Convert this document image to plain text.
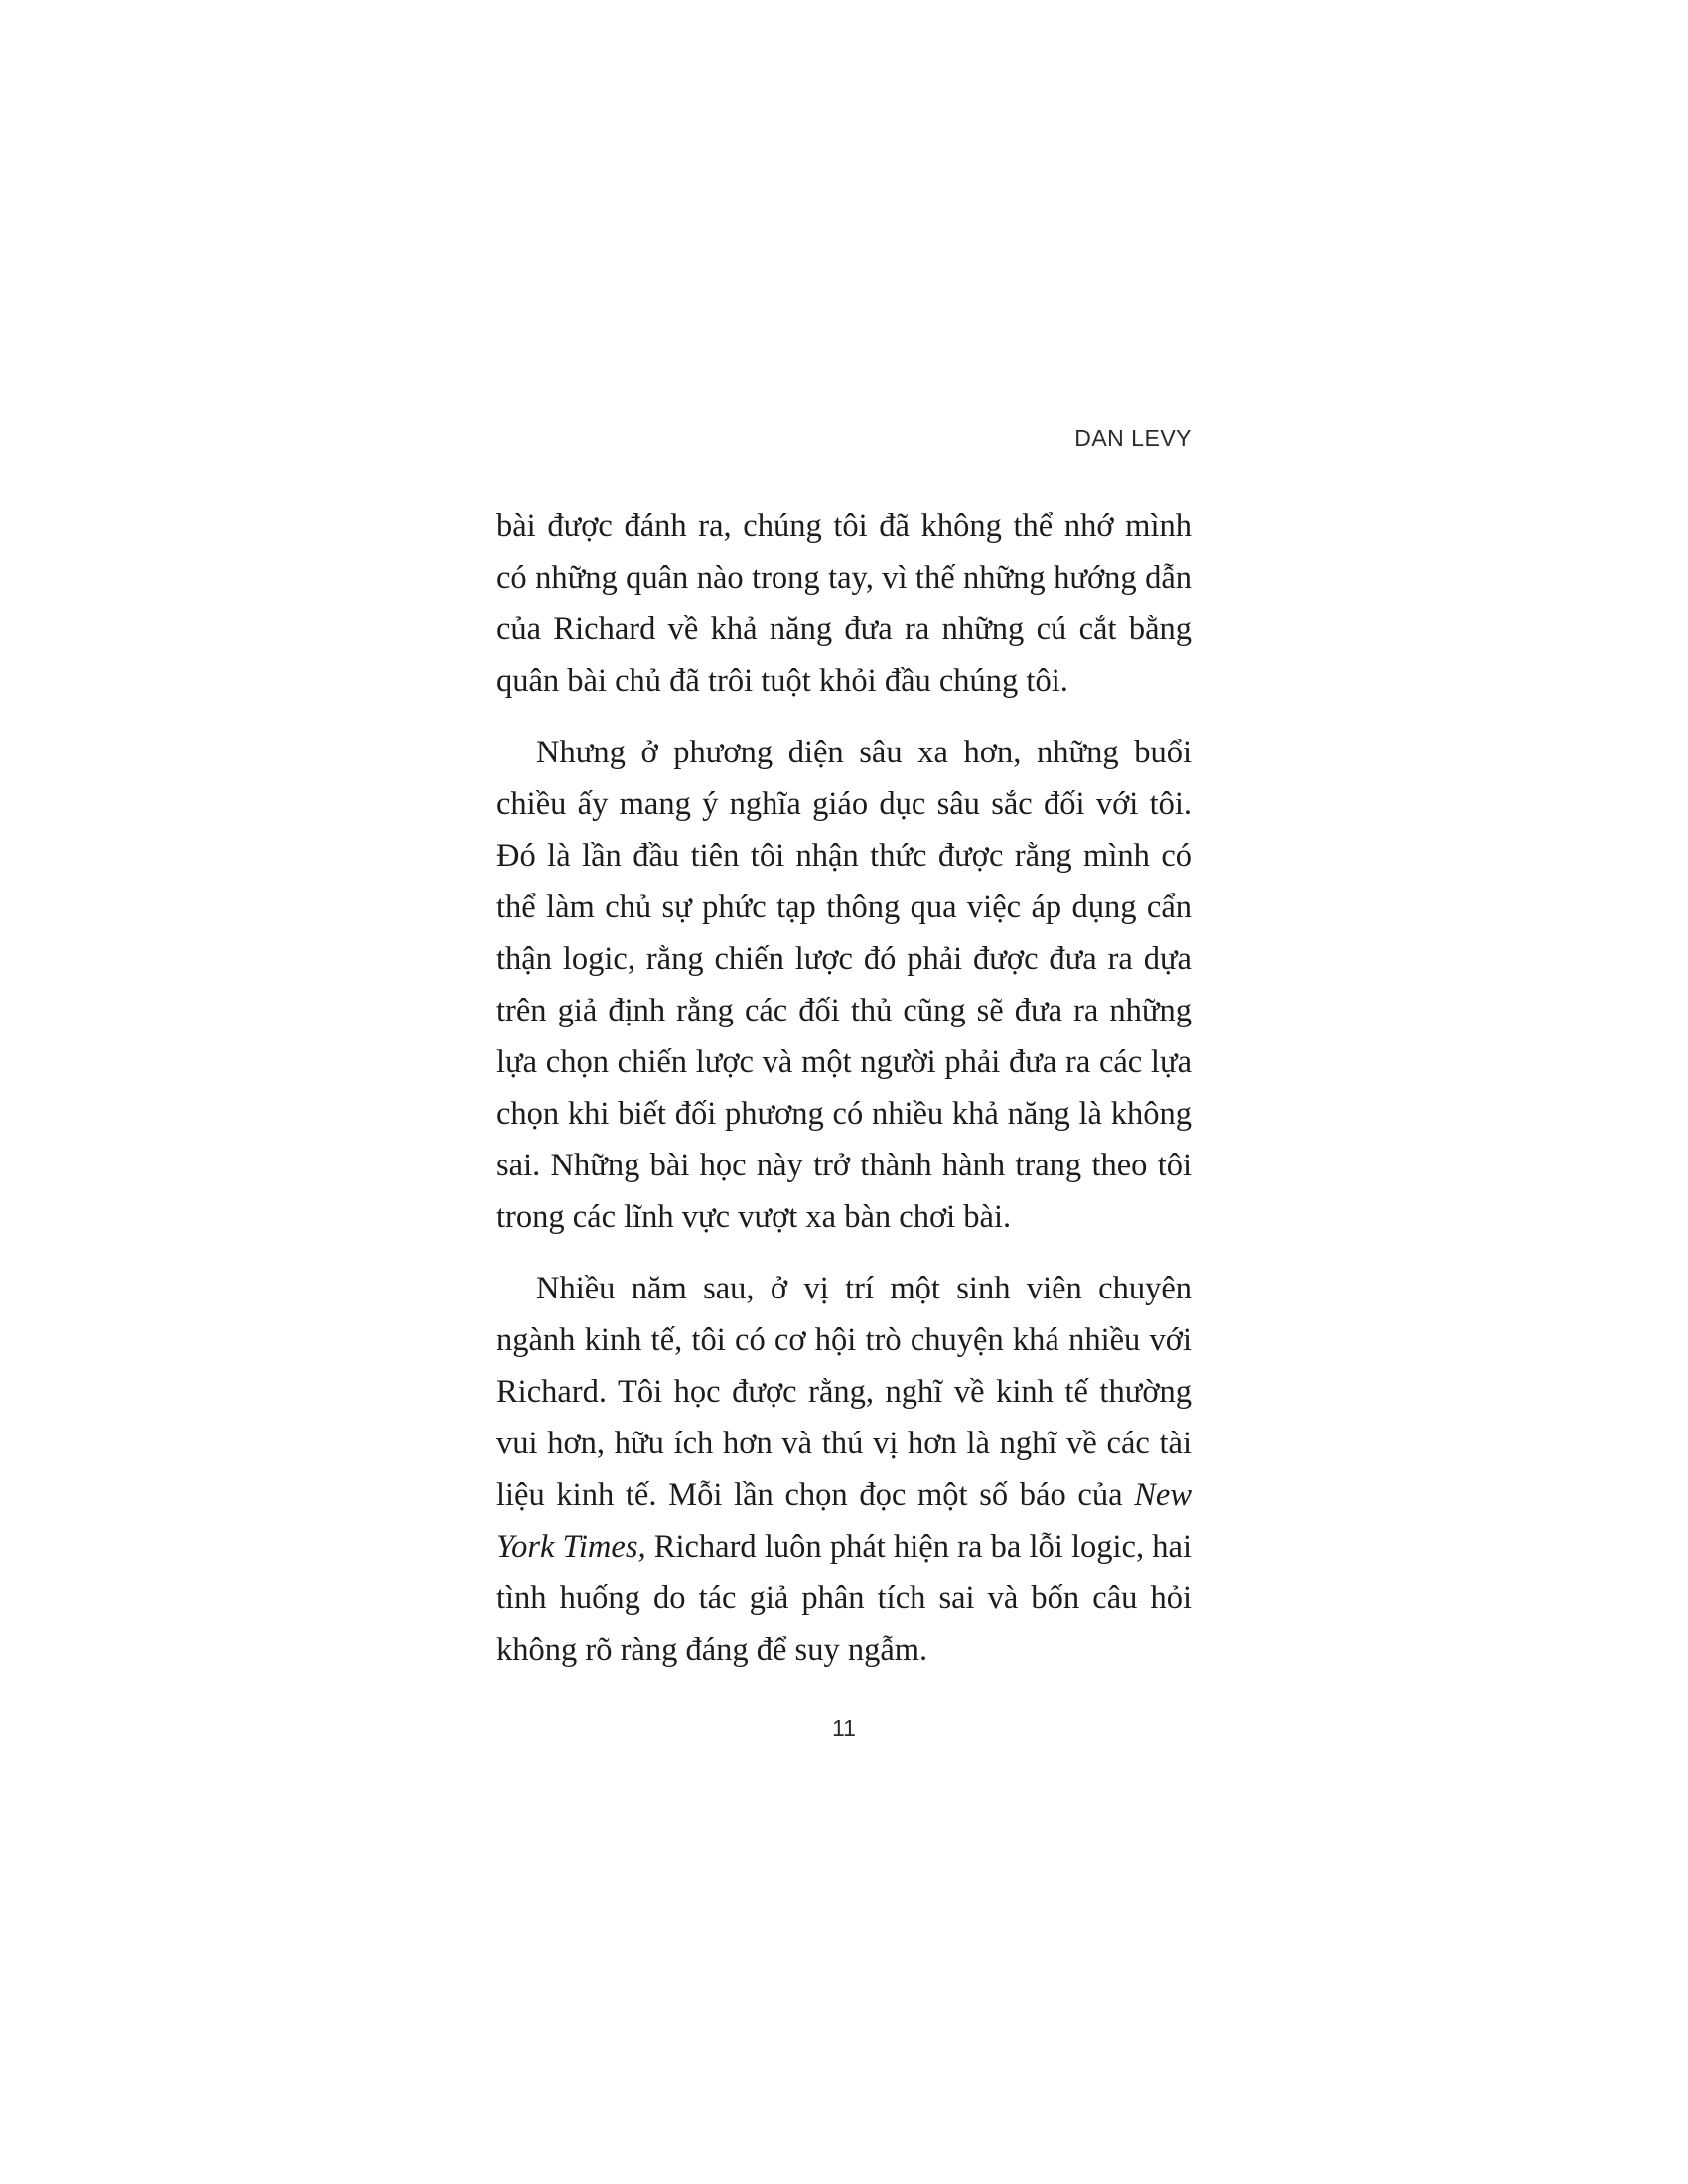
DAN LEVY

bài được đánh ra, chúng tôi đã không thể nhớ mình có những quân nào trong tay, vì thế những hướng dẫn của Richard về khả năng đưa ra những cú cắt bằng quân bài chủ đã trôi tuột khỏi đầu chúng tôi.

Nhưng ở phương diện sâu xa hơn, những buổi chiều ấy mang ý nghĩa giáo dục sâu sắc đối với tôi. Đó là lần đầu tiên tôi nhận thức được rằng mình có thể làm chủ sự phức tạp thông qua việc áp dụng cẩn thận logic, rằng chiến lược đó phải được đưa ra dựa trên giả định rằng các đối thủ cũng sẽ đưa ra những lựa chọn chiến lược và một người phải đưa ra các lựa chọn khi biết đối phương có nhiều khả năng là không sai. Những bài học này trở thành hành trang theo tôi trong các lĩnh vực vượt xa bàn chơi bài.

Nhiều năm sau, ở vị trí một sinh viên chuyên ngành kinh tế, tôi có cơ hội trò chuyện khá nhiều với Richard. Tôi học được rằng, nghĩ về kinh tế thường vui hơn, hữu ích hơn và thú vị hơn là nghĩ về các tài liệu kinh tế. Mỗi lần chọn đọc một số báo của New York Times, Richard luôn phát hiện ra ba lỗi logic, hai tình huống do tác giả phân tích sai và bốn câu hỏi không rõ ràng đáng để suy ngẫm.

11
